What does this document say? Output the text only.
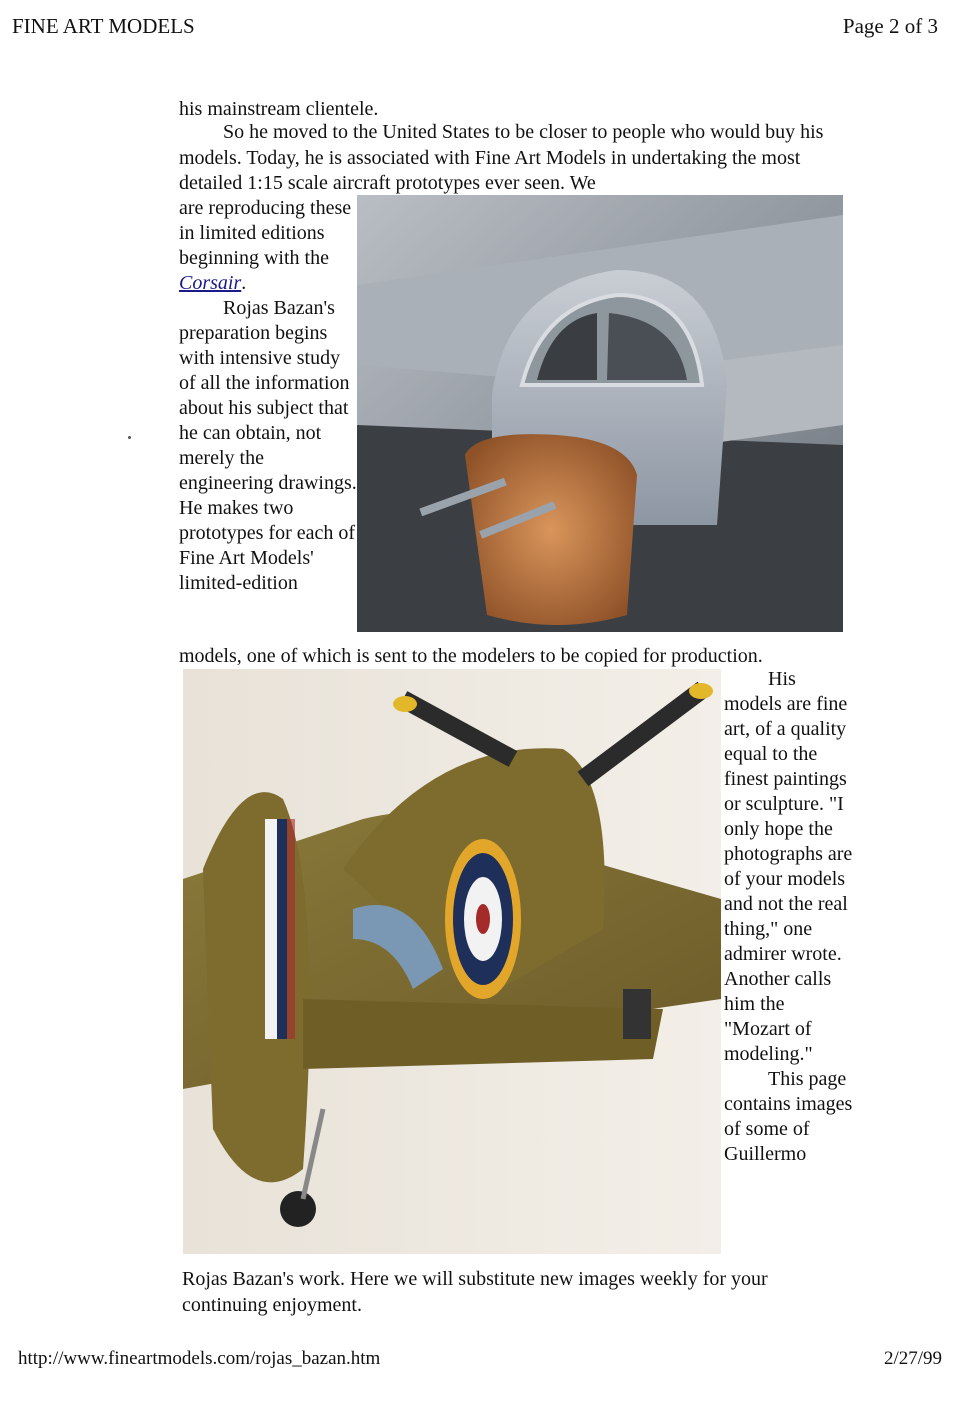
FINE ART MODELS	Page 2 of 3

his mainstream clientele.

So he moved to the United States to be closer to people who would buy his models. Today, he is associated with Fine Art Models in undertaking the most detailed 1:15 scale aircraft prototypes ever seen. We

are reproducing these in limited editions beginning with the Corsair.

Rojas Bazan's preparation begins with intensive study of all the information about his subject that he can obtain, not merely the engineering drawings. He makes two prototypes for each of Fine Art Models' limited-edition

models, one of which is sent to the modelers to be copied for production.

His models are fine art, of a quality equal to the finest paintings or sculpture. "I only hope the photographs are of your models and not the real thing," one admirer wrote. Another calls him the "Mozart of modeling."

This page contains images of some of Guillermo

Rojas Bazan's work. Here we will substitute new images weekly for your continuing enjoyment.

http://www.fineartmodels.com/rojas_bazan.htm	2/27/99
